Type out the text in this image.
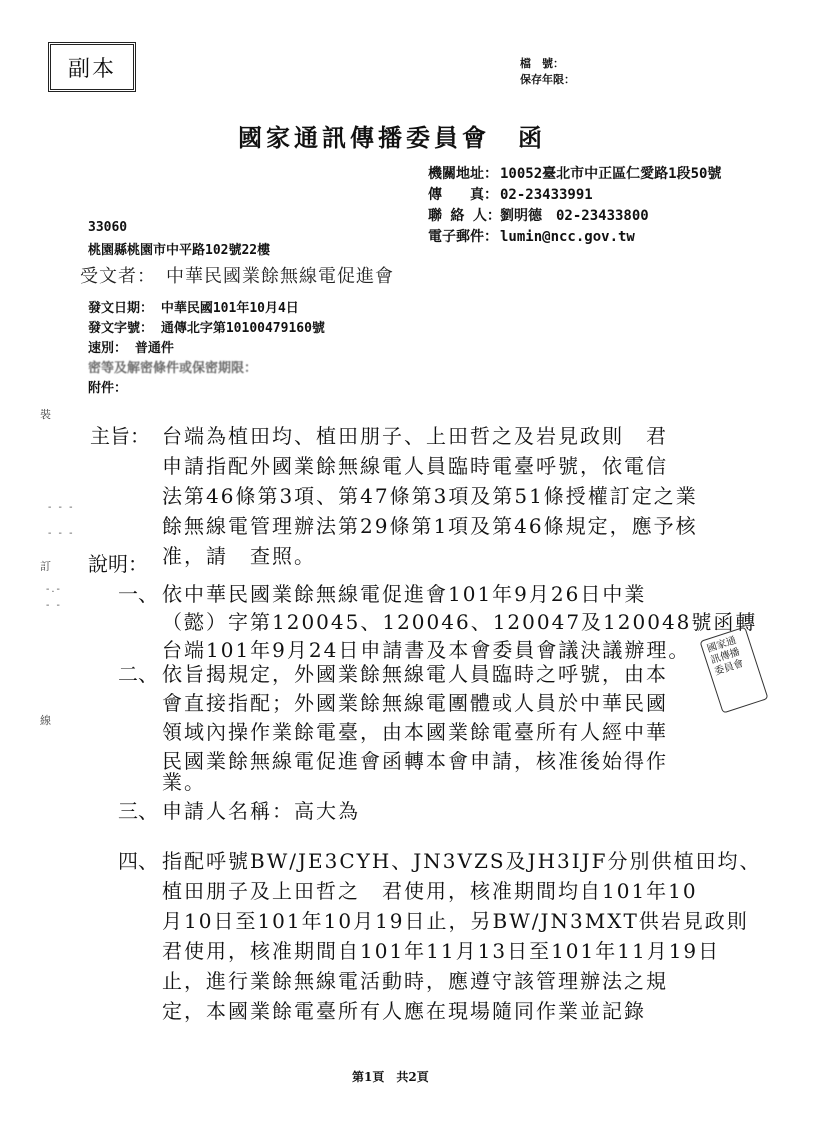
副本	檔　號：
保存年限：
國家通訊傳播委員會　函
機關地址： 10052臺北市中正區仁愛路1段50號
傳　　真： 02-23433991
聯 絡 人：劉明德　02-23433800
電子郵件： lumin@ncc.gov.tw
33060
桃園縣桃園市中平路102號22樓
受文者：　中華民國業餘無線電促進會
發文日期： 中華民國101年10月4日
發文字號： 通傳北字第10100479160號
速別： 普通件
密等及解密條件或保密期限：
附件：
主旨： 台端為植田均、植田朋子、上田哲之及岩見政則　君
申請指配外國業餘無線電人員臨時電臺呼號，依電信
法第46條第3項、第47條第3項及第51條授權訂定之業
餘無線電管理辦法第29條第1項及第46條規定，應予核
准，請　查照。
說明：
一、 依中華民國業餘無線電促進會101年9月26日中業
（懿）字第120045、120046、120047及120048號函轉
台端101年9月24日申請書及本會委員會議決議辦理。
二、 依旨揭規定，外國業餘無線電人員臨時之呼號，由本
會直接指配；外國業餘無線電團體或人員於中華民國
領域內操作業餘電臺，由本國業餘電臺所有人經中華
民國業餘無線電促進會函轉本會申請，核准後始得作
業。
三、 申請人名稱：高大為
四、 指配呼號BW/JE3CYH、JN3VZS及JH3IJF分別供植田均、
植田朋子及上田哲之　君使用，核准期間均自101年10
月10日至101年10月19日止，另BW/JN3MXT供岩見政則
君使用，核准期間自101年11月13日至101年11月19日
止，進行業餘無線電活動時，應遵守該管理辦法之規
定，本國業餘電臺所有人應在現場隨同作業並記錄
裝
訂
線
- - -
- - -
-.-
- -
國家通訊傳播委員會
第1頁　共2頁
